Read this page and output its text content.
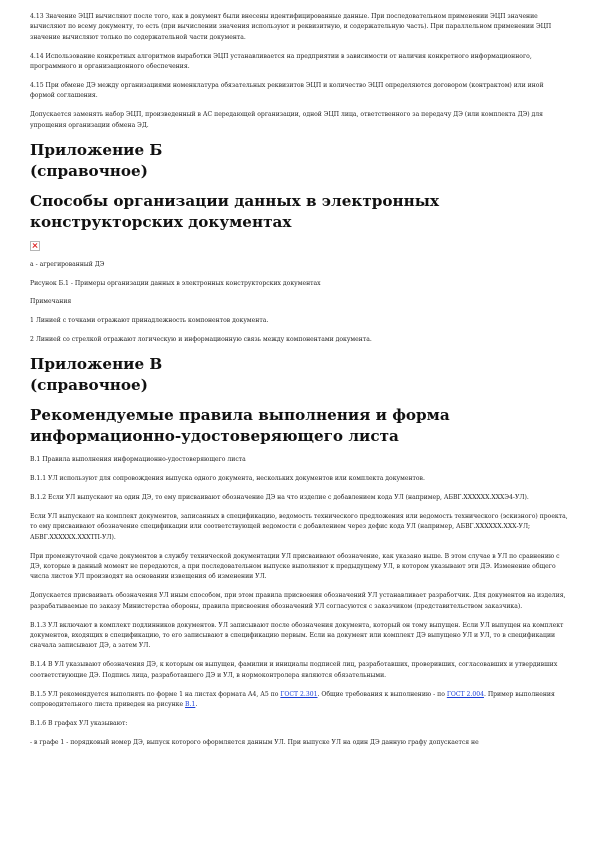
4.13 Значение ЭЦП вычисляют после того, как в документ были внесены идентифицированные данные. При последовательном применении ЭЦП значение вычисляют по всему документу, то есть (при вычислении значения используют и реквизитную, и содержательную часть). При параллельном применении ЭЦП значение вычисляют только по содержательной части документа.

4.14 Использование конкретных алгоритмов выработки ЭЦП устанавливается на предприятии в зависимости от наличия конкретного информационного, программного и организационного обеспечения.

4.15 При обмене ДЭ между организациями номенклатура обязательных реквизитов ЭЦП и количество ЭЦП определяются договором (контрактом) или иной формой соглашения.

Допускается заменять набор ЭЦП, произведенный в АС передающей организации, одной ЭЦП лица, ответственного за передачу ДЭ (или комплекта ДЭ) для упрощения организации обмена ЭД.

Приложение Б
(справочное)
Способы организации данных в электронных конструкторских документах

а - агрегированный ДЭ

Рисунок Б.1 - Примеры организации данных в электронных конструкторских документах

Примечания

1 Линией с точками отражают принадлежность компонентов документа.

2 Линией со стрелкой отражают логическую и информационную связь между компонентами документа.

Приложение В
(справочное)
Рекомендуемые правила выполнения и форма информационно-удостоверяющего листа

В.1 Правила выполнения информационно-удостоверяющего листа

В.1.1 УЛ используют для сопровождения выпуска одного документа, нескольких документов или комплекта документов.

В.1.2 Если УЛ выпускают на один ДЭ, то ему присваивают обозначение ДЭ на что изделие с добавлением кода УЛ (например, АБВГ.ХХХХХХ.ХХХЭ4-УЛ).

Если УЛ выпускают на комплект документов, записанных в спецификацию, ведомость технического предложения или ведомость технического (эскизного) проекта, то ему присваивают обозначение спецификации или соответствующей ведомости с добавлением через дефис кода УЛ (например, АБВГ.ХХХХХХ.ХХХ-УЛ; АБВГ.ХХХХХХ.ХХХТП-УЛ).

При промежуточной сдаче документов в службу технической документации УЛ присваивают обозначение, как указано выше. В этом случае в УЛ по сравнению с ДЭ, которые в данный момент не передаются, а при последовательном выпуске выполняют к предыдущему УЛ, в котором указывают эти ДЭ. Изменение общего числа листов УЛ производят на основании извещения об изменении УЛ.

Допускается присваивать обозначения УЛ иным способом, при этом правила присвоения обозначений УЛ устанавливает разработчик. Для документов на изделия, разрабатываемые по заказу Министерства обороны, правила присвоения обозначений УЛ согласуются с заказчиком (представительством заказчика).

В.1.3 УЛ включают в комплект подлинников документов. УЛ записывают после обозначения документа, который он тому выпущен. Если УЛ выпущен на комплект документов, входящих в спецификацию, то его записывают в спецификацию первым. Если на документ или комплект ДЭ выпущено УЛ и УЛ, то в спецификации сначала записывают ДЭ, а затем УЛ.

В.1.4 В УЛ указывают обозначения ДЭ, к которым он выпущен, фамилии и инициалы подписей лиц, разработавших, проверивших, согласовавших и утвердивших соответствующие ДЭ. Подпись лица, разработавшего ДЭ и УЛ, в нормоконтролера являются обязательными.

В.1.5 УЛ рекомендуется выполнять по форме 1 на листах формата А4, А5 по ГОСТ 2.301. Общие требования к выполнению - по ГОСТ 2.004. Пример выполнения сопроводительного листа приведен на рисунке В.1.

В.1.6 В графах УЛ указывают:

- в графе 1 - порядковый номер ДЭ, выпуск которого оформляется данным УЛ. При выпуске УЛ на один ДЭ данную графу допускается не
